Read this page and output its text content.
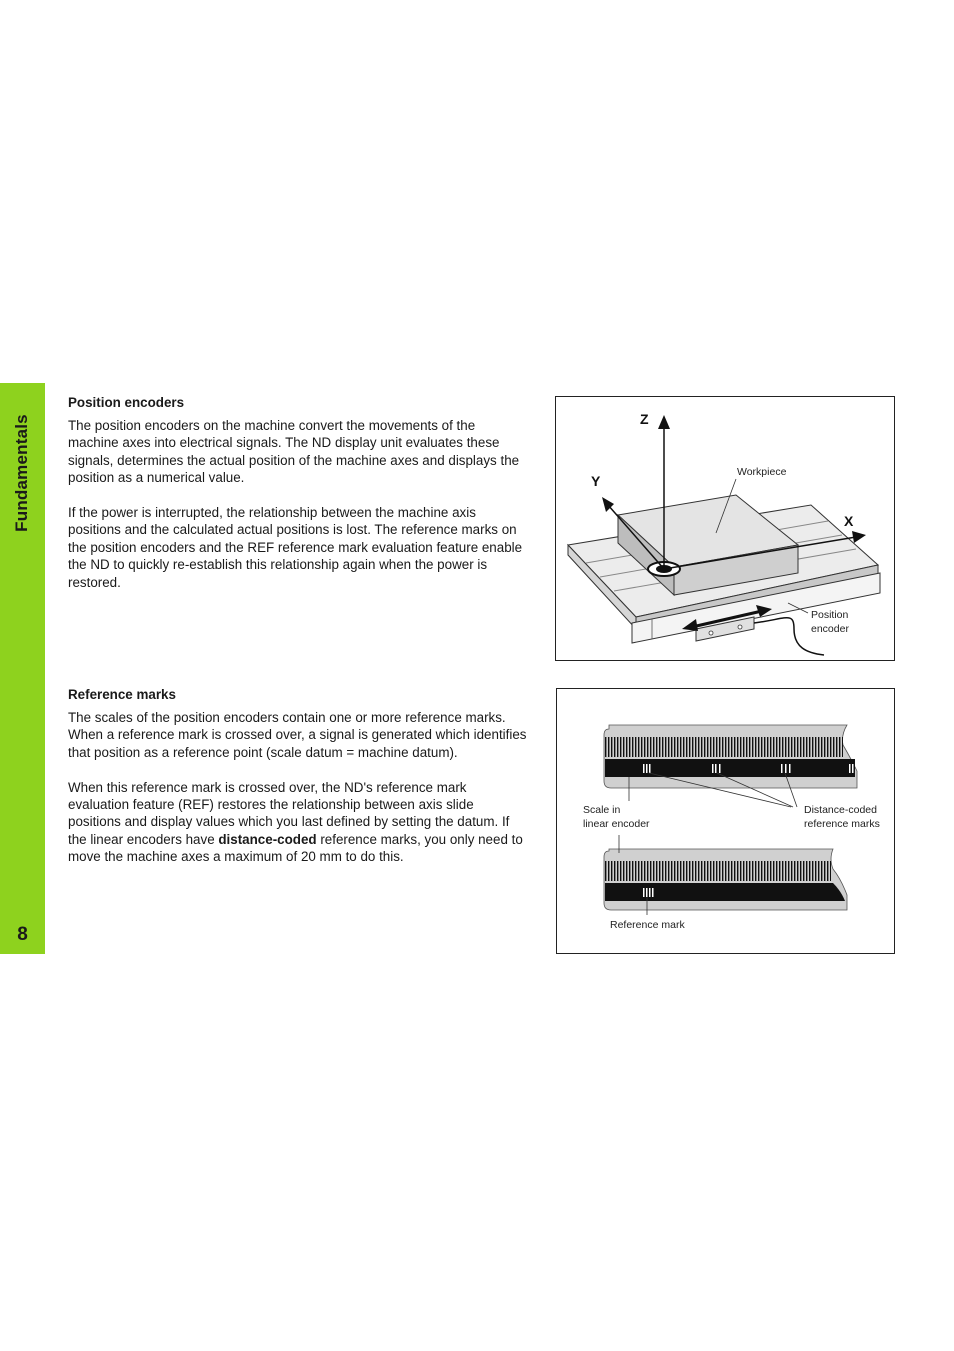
Fundamentals
8
Position encoders

The position encoders on the machine convert the movements of the machine axes into electrical signals. The ND display unit evaluates these signals, determines the actual position of the machine axes and displays the position as a numerical value.

If the power is interrupted, the relationship between the machine axis positions and the calculated actual positions is lost. The reference marks on the position encoders and the REF reference mark evaluation feature enable the ND to quickly re-establish this relationship again when the power is restored.

Reference marks

The scales of the position encoders contain one or more reference marks. When a reference mark is crossed over, a signal is generated which identifies that position as a reference point (scale datum = machine datum).

When this reference mark is crossed over, the ND's reference mark evaluation feature (REF) restores the relationship between axis slide positions and display values which you last defined by setting the datum. If the linear encoders have distance-coded reference marks, you only need to move the machine axes a maximum of 20 mm to do this.

Z
Y
X
Workpiece
Position
encoder
Scale in
linear encoder
Distance-coded
reference marks
Reference mark
